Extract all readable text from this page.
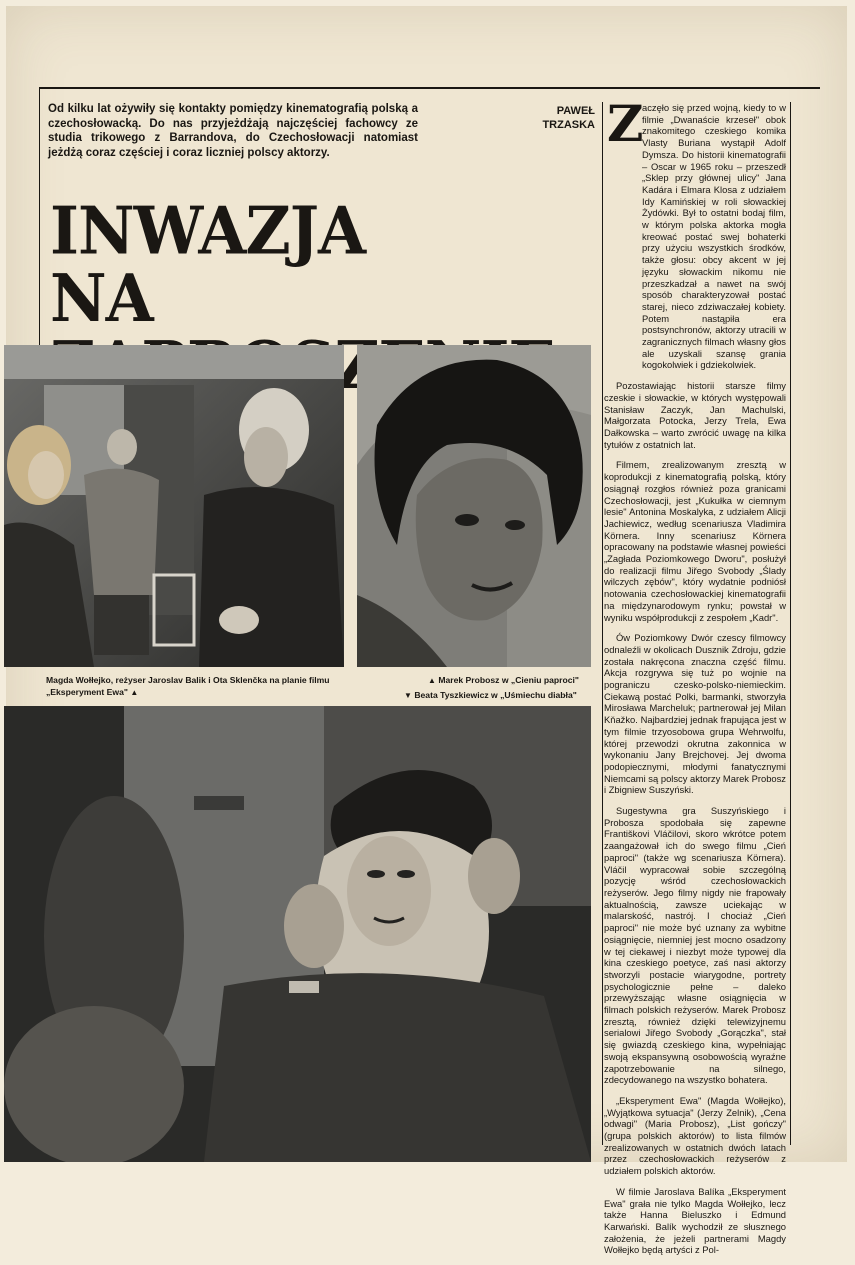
Od kilku lat ożywiły się kontakty pomiędzy kinematografią polską a czechosłowacką. Do nas przyjeżdżają najczęściej fachowcy ze studia trikowego z Barrandova, do Czechosłowacji natomiast jeżdżą coraz częściej i coraz liczniej polscy aktorzy.
PAWEŁ
TRZASKA
INWAZJA
NA
Magda Wołłejko, reżyser Jaroslav Balik i Ota Sklenčka na planie filmu „Eksperyment Ewa" ▲
▲ Marek Probosz w „Cieniu paproci"
▼ Beata Tyszkiewicz w „Uśmiechu diabła"
Z

aczęło się przed wojną, kiedy to w filmie „Dwanaście krzeseł" obok znakomitego czeskiego komika Vlasty Buriana wystąpił Adolf Dymsza. Do historii kinematografii – Oscar w 1965 roku – przeszedł „Sklep przy głównej ulicy" Jana Kadára i Elmara Klosa z udziałem Idy Kamińskiej w roli słowackiej Żydówki. Był to ostatni bodaj film, w którym polska aktorka mogła kreować postać swej bohaterki przy użyciu wszystkich środków, także głosu: obcy akcent w jej języku słowackim nikomu nie przeszkadzał a nawet na swój sposób charakteryzował postać starej, nieco zdziwaczałej kobiety. Potem nastąpiła era postsynchronów, aktorzy utracili w zagranicznych filmach własny głos ale uzyskali szansę grania kogokolwiek i gdziekolwiek.

Pozostawiając historii starsze filmy czeskie i słowackie, w których występowali Stanisław Zaczyk, Jan Machulski, Małgorzata Potocka, Jerzy Trela, Ewa Dałkowska – warto zwrócić uwagę na kilka tytułów z ostatnich lat.

Filmem, zrealizowanym zresztą w koprodukcji z kinematografią polską, który osiągnął rozgłos również poza granicami Czechosłowacji, jest „Kukułka w ciemnym lesie" Antonina Moskalyka, z udziałem Alicji Jachiewicz, według scenariusza Vladimira Körnera. Inny scenariusz Körnera opracowany na podstawie własnej powieści „Zagłada Poziomkowego Dworu", posłużył do realizacji filmu Jiřego Svobody „Ślady wilczych zębów", który wydatnie podniósł notowania czechosłowackiej kinematografii na międzynarodowym rynku; powstał w wyniku współprodukcji z zespołem „Kadr".

Ów Poziomkowy Dwór czescy filmowcy odnaleźli w okolicach Dusznik Zdroju, gdzie została nakręcona znaczna część filmu. Akcja rozgrywa się tuż po wojnie na pograniczu czesko-polsko-niemieckim. Ciekawą postać Polki, barmanki, stworzyła Mirosława Marcheluk; partnerował jej Milan Kňažko. Najbardziej jednak frapująca jest w tym filmie trzyosobowa grupa Wehrwolfu, której przewodzi okrutna zakonnica w wykonaniu Jany Brejchovej. Jej dwoma podopiecznymi, młodymi fanatycznymi Niemcami są polscy aktorzy Marek Probosz i Zbigniew Suszyński.

Sugestywna gra Suszyńskiego i Probosza spodobała się zapewne Františkovi Vláčilovi, skoro wkrótce potem zaangażował ich do swego filmu „Cień paproci" (także wg scenariusza Körnera). Vláčil wypracował sobie szczególną pozycję wśród czechosłowackich reżyserów. Jego filmy nigdy nie frapowały aktualnością, zawsze uciekając w malarskość, nastrój. I chociaż „Cień paproci" nie może być uznany za wybitne osiągnięcie, niemniej jest mocno osadzony w tej ciekawej i niezbyt może typowej dla kina czeskiego poetyce, zaś nasi aktorzy stworzyli postacie wiarygodne, portrety psychologicznie pełne – daleko przewyższając własne osiągnięcia w filmach polskich reżyserów. Marek Probosz zresztą, również dzięki telewizyjnemu serialowi Jiřego Svobody „Gorączka", stał się gwiazdą czeskiego kina, wypełniając swoją ekspansywną osobowością wyraźne zapotrzebowanie na silnego, zdecydowanego na wszystko bohatera.

„Eksperyment Ewa" (Magda Wołłejko), „Wyjątkowa sytuacja" (Jerzy Zelnik), „Cena odwagi" (Maria Probosz), „List gończy" (grupa polskich aktorów) to lista filmów zrealizowanych w ostatnich dwóch latach przez czechosłowackich reżyserów z udziałem polskich aktorów.

W filmie Jaroslava Balíka „Eksperyment Ewa" grała nie tylko Magda Wołłejko, lecz także Hanna Bieluszko i Edmund Karwański. Balík wychodził ze słusznego założenia, że jeżeli partnerami Magdy Wołłejko będą artyści z Pol-
